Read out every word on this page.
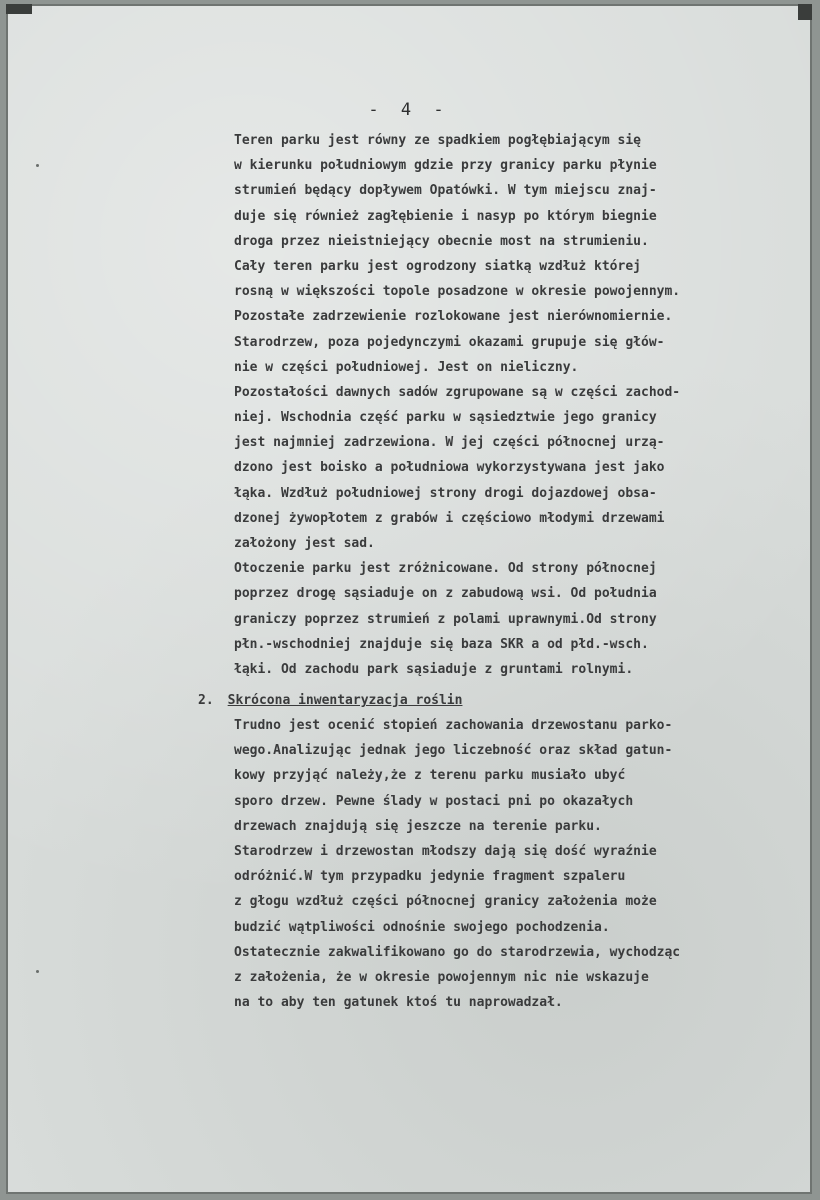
- 4 -
Teren parku jest równy ze spadkiem pogłębiającym się
w kierunku południowym gdzie przy granicy parku płynie
strumień będący dopływem Opatówki. W tym miejscu znaj-
duje się również zagłębienie i nasyp po którym biegnie
droga przez nieistniejący obecnie most na strumieniu.
Cały teren parku jest ogrodzony siatką wzdłuż której
rosną w większości topole posadzone w okresie powojennym.
Pozostałe zadrzewienie rozlokowane jest nierównomiernie.
Starodrzew, poza pojedynczymi okazami grupuje się głów-
nie w części południowej. Jest on nieliczny.
Pozostałości dawnych sadów zgrupowane są w części zachod-
niej. Wschodnia część parku w sąsiedztwie jego granicy
jest najmniej zadrzewiona. W jej części północnej urzą-
dzono jest boisko a południowa wykorzystywana jest jako
łąka. Wzdłuż południowej strony drogi dojazdowej obsa-
dzonej żywopłotem z grabów i częściowo młodymi drzewami
założony jest sad.
Otoczenie parku jest zróżnicowane. Od strony północnej
poprzez drogę sąsiaduje on z zabudową wsi. Od południa
graniczy poprzez strumień z polami uprawnymi.Od strony
płn.-wschodniej znajduje się baza SKR a od płd.-wsch.
łąki. Od zachodu park sąsiaduje z gruntami rolnymi.
2. Skrócona inwentaryzacja roślin
Trudno jest ocenić stopień zachowania drzewostanu parko-
wego.Analizując jednak jego liczebność oraz skład gatun-
kowy przyjąć należy,że z terenu parku musiało ubyć
sporo drzew. Pewne ślady w postaci pni po okazałych
drzewach znajdują się jeszcze na terenie parku.
Starodrzew i drzewostan młodszy dają się dość wyraźnie
odróżnić.W tym przypadku jedynie fragment szpaleru
z głogu wzdłuż części północnej granicy założenia może
budzić wątpliwości odnośnie swojego pochodzenia.
Ostatecznie zakwalifikowano go do starodrzewia, wychodząc
z założenia, że w okresie powojennym nic nie wskazuje
na to aby ten gatunek ktoś tu naprowadzał.
